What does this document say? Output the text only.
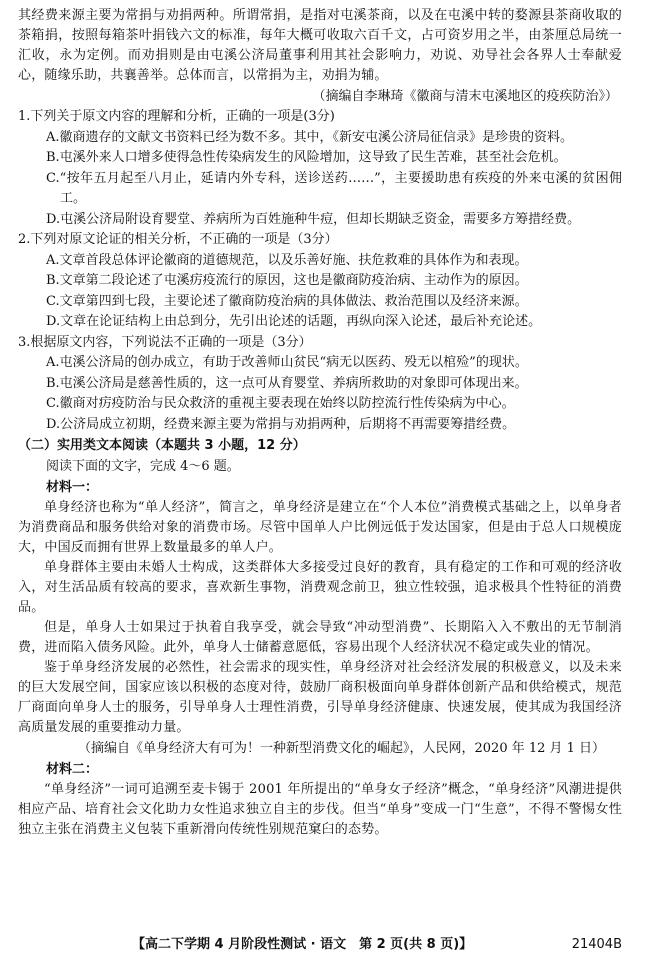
其经费来源主要为常捐与劝捐两种。所谓常捐，是指对屯溪茶商，以及在屯溪中转的婺源县茶商收取的茶箱捐，按照每箱茶叶捐钱六文的标准，每年大概可收取六百千文，占可资岁用之半，由茶厘总局统一汇收，永为定例。而劝捐则是由屯溪公济局董事利用其社会影响力，劝说、劝导社会各界人士奉献爱心，随缘乐助，共襄善举。总体而言，以常捐为主，劝捐为辅。

（摘编自李琳琦《徽商与清末屯溪地区的疫疾防治》）

1.下列关于原文内容的理解和分析，正确的一项是(3分)

A.徽商遗存的文献文书资料已经为数不多。其中，《新安屯溪公济局征信录》是珍贵的资料。

B.屯溪外来人口增多使得急性传染病发生的风险增加，这导致了民生苦难，甚至社会危机。

C.“按年五月起至八月止，延请内外专科，送诊送药……”，主要援助患有疾疫的外来屯溪的贫困佣工。

D.屯溪公济局附设育婴堂、养病所为百姓施种牛痘，但却长期缺乏资金，需要多方筹措经费。

2.下列对原文论证的相关分析，不正确的一项是（3分）

A.文章首段总体评论徽商的道德规范，以及乐善好施、扶危救难的具体作为和表现。

B.文章第二段论述了屯溪疠疫流行的原因，这也是徽商防疫治病、主动作为的原因。

C.文章第四到七段，主要论述了徽商防疫治病的具体做法、救治范围以及经济来源。

D.文章在论证结构上由总到分，先引出论述的话题，再纵向深入论述，最后补充论述。

3.根据原文内容，下列说法不正确的一项是（3分）

A.屯溪公济局的创办成立，有助于改善师山贫民“病无以医药、殁无以棺殓”的现状。

B.屯溪公济局是慈善性质的，这一点可从育婴堂、养病所救助的对象即可体现出来。

C.徽商对疠疫防治与民众救济的重视主要表现在始终以防控流行性传染病为中心。

D.公济局成立初期，经费来源主要为常捐与劝捐两种，后期将不再需要筹措经费。

（二）实用类文本阅读（本题共 3 小题，12 分）

阅读下面的文字，完成 4～6 题。

材料一：

单身经济也称为“单人经济”，简言之，单身经济是建立在“个人本位”消费模式基础之上，以单身者为消费商品和服务供给对象的消费市场。尽管中国单人户比例远低于发达国家，但是由于总人口规模庞大，中国反而拥有世界上数量最多的单人户。

单身群体主要由未婚人士构成，这类群体大多接受过良好的教育，具有稳定的工作和可观的经济收入，对生活品质有较高的要求，喜欢新生事物，消费观念前卫，独立性较强，追求极具个性特征的消费品。

但是，单身人士如果过于执着自我享受，就会导致“冲动型消费”、长期陷入入不敷出的无节制消费，进而陷入债务风险。此外，单身人士储蓄意愿低，容易出现个人经济状况不稳定或失业的情况。

鉴于单身经济发展的必然性，社会需求的现实性，单身经济对社会经济发展的积极意义，以及未来的巨大发展空间，国家应该以积极的态度对待，鼓励厂商积极面向单身群体创新产品和供给模式，规范厂商面向单身人士的服务，引导单身人士理性消费，引导单身经济健康、快速发展，使其成为我国经济高质量发展的重要推动力量。

（摘编自《单身经济大有可为！一种新型消费文化的崛起》，人民网，2020 年 12 月 1 日）

材料二：

“单身经济”一词可追溯至麦卡锡于 2001 年所提出的“单身女子经济”概念，“单身经济”风潮进提供相应产品、培育社会文化助力女性追求独立自主的步伐。但当“单身”变成一门“生意”，不得不警惕女性独立主张在消费主义包装下重新滑向传统性别规范窠臼的态势。

【高二下学期 4 月阶段性测试 · 语文　第 2 页(共 8 页)】	21404B
